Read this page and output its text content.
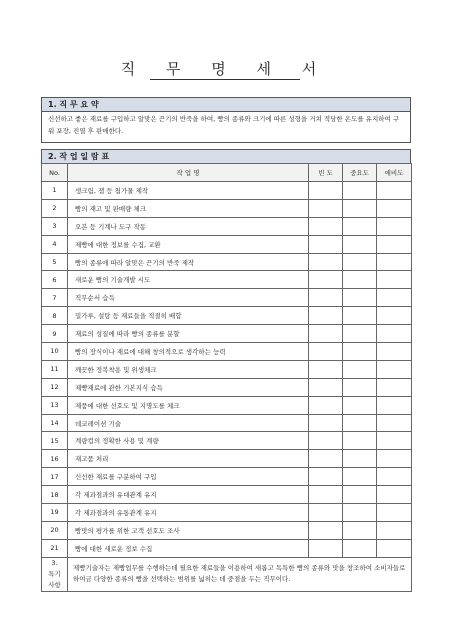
직 무 명 세 서
1. 직 무 요 약
신선하고 좋은 재료를 구입하고 알맞은 끈기의 반죽을 하여, 빵의 종류와 크기에 따른 성형을 거쳐 적당한 온도를 유지하여 구워 포장, 진열 후 판매한다.
2. 작 업 일 람 표
No.	작 업 명	빈 도	중요도	애비도
1	생크림, 잼 등 첨가물 제작			
2	빵의 재고 및 판매량 체크			
3	오븐 등 기계나 도구 작동			
4	제빵에 대한 정보를 수집, 교환			
5	빵의 종류에 따라 알맞은 끈기의 반죽 제작			
6	새로운 빵의 기술개발 시도			
7	직무순서 습득			
8	밀가루, 설탕 등 재료들을 적절히 배합			
9	재료의 성질에 따라 빵의 종류를 분할			
10	빵의 장식이나 재료에 대해 창의적으로 생각하는 능력			
11	깨끗한 정복착용 및 위생체크			
12	제빵재료에 관한 기본지식 습득			
13	제품에 대한 선호도 및 지명도를 체크			
14	데코레이션 기술			
15	계량컵의 정확한 사용 및 계량			
16	재고품 처리			
17	신선한 재료를 구분하여 구입			
18	각 제과점과의 유대관계 유지			
19	각 제과점과의 유통관계 유지			
20	빵맛의 평가를 위한 고객 선호도 조사			
21	빵에 대한 새로운 정보 수집			
3.
특기
사항	제빵기술자는 제빵업무를 수행하는데 필요한 재료들을 이용하여 새롭고 독특한 빵의 종류와 맛을 창조하여 소비자들로 하여금 다양한 종류의 빵을 선택하는 범위를 넓히는 데 중점을 두는 직무이다.			
